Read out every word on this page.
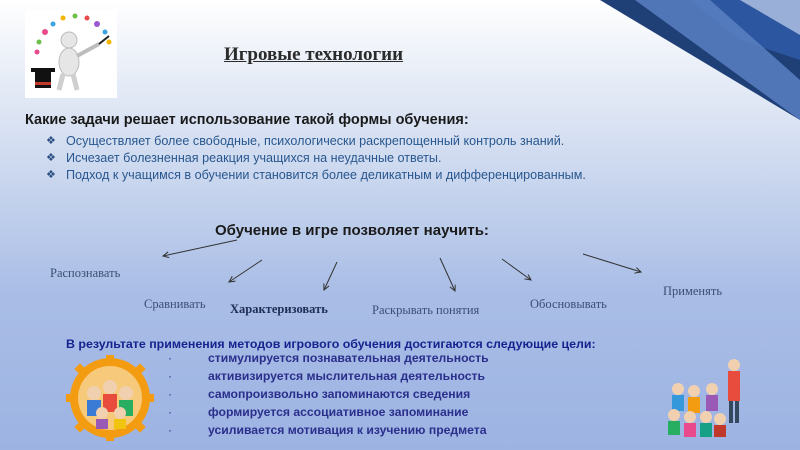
Игровые технологии
Какие задачи решает использование такой формы обучения:
❖ Осуществляет более свободные, психологически раскрепощенный контроль знаний.
❖ Исчезает болезненная реакция учащихся на неудачные ответы.
❖ Подход к учащимся в обучении становится более деликатным и дифференцированным.
Обучение в игре позволяет научить:
Распознавать
Сравнивать Характеризовать	Раскрывать понятия	Обосновывать
Применять
В результате применения методов игрового обучения достигаются следующие цели:
·	стимулируется познавательная деятельность
·	активизируется мыслительная деятельность
·	самопроизвольно запоминаются сведения
·	формируется ассоциативное запоминание
·	усиливается мотивация к изучению предмета
